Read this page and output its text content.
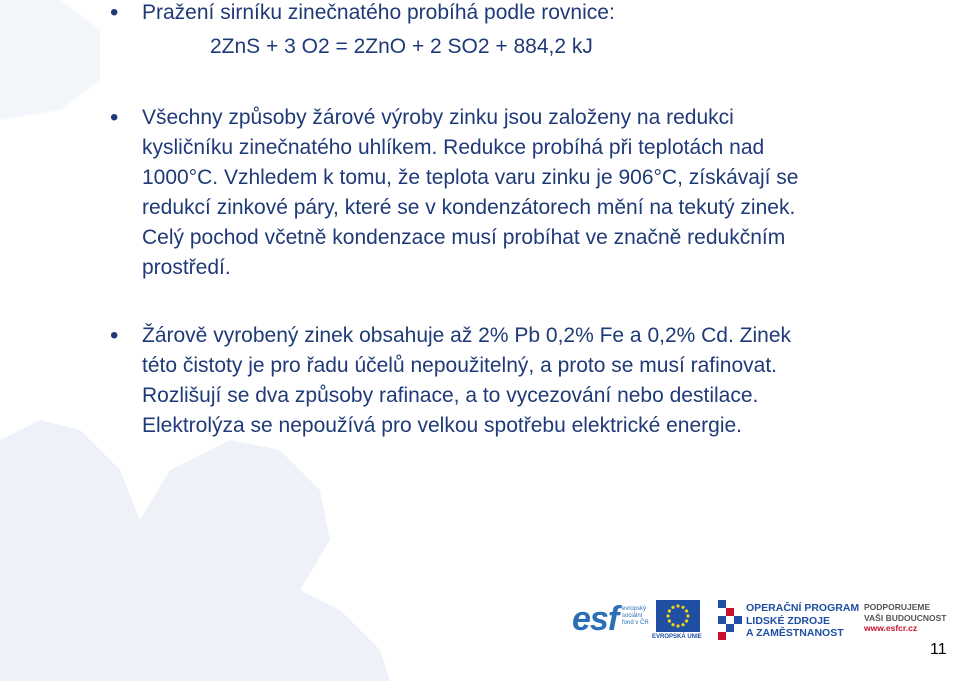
• Pražení sirníku zinečnatého probíhá podle rovnice:
2ZnS + 3 O2 = 2ZnO + 2 SO2 + 884,2 kJ
• Všechny způsoby žárové výroby zinku jsou založeny na redukci
kysličníku zinečnatého uhlíkem. Redukce probíhá při teplotách nad
1000°C. Vzhledem k tomu, že teplota varu zinku je 906°C, získávají se
redukcí zinkové páry, které se v kondenzátorech mění na tekutý zinek.
Celý pochod včetně kondenzace musí probíhat ve značně redukčním
prostředí.
• Žárově vyrobený zinek obsahuje až 2% Pb 0,2% Fe a 0,2% Cd. Zinek
této čistoty je pro řadu účelů nepoužitelný, a proto se musí rafinovat.
Rozlišují se dva způsoby rafinace, a to vycezování nebo destilace.
Elektrolýza se nepoužívá pro velkou spotřebu elektrické energie.
esf evropský
sociální
fond v ČR
EVROPSKÁ UNIE
OPERAČNÍ PROGRAM
LIDSKÉ ZDROJE
A ZAMĚSTNANOST
PODPORUJEME
VAŠI BUDOUCNOST
www.esfcr.cz
11
